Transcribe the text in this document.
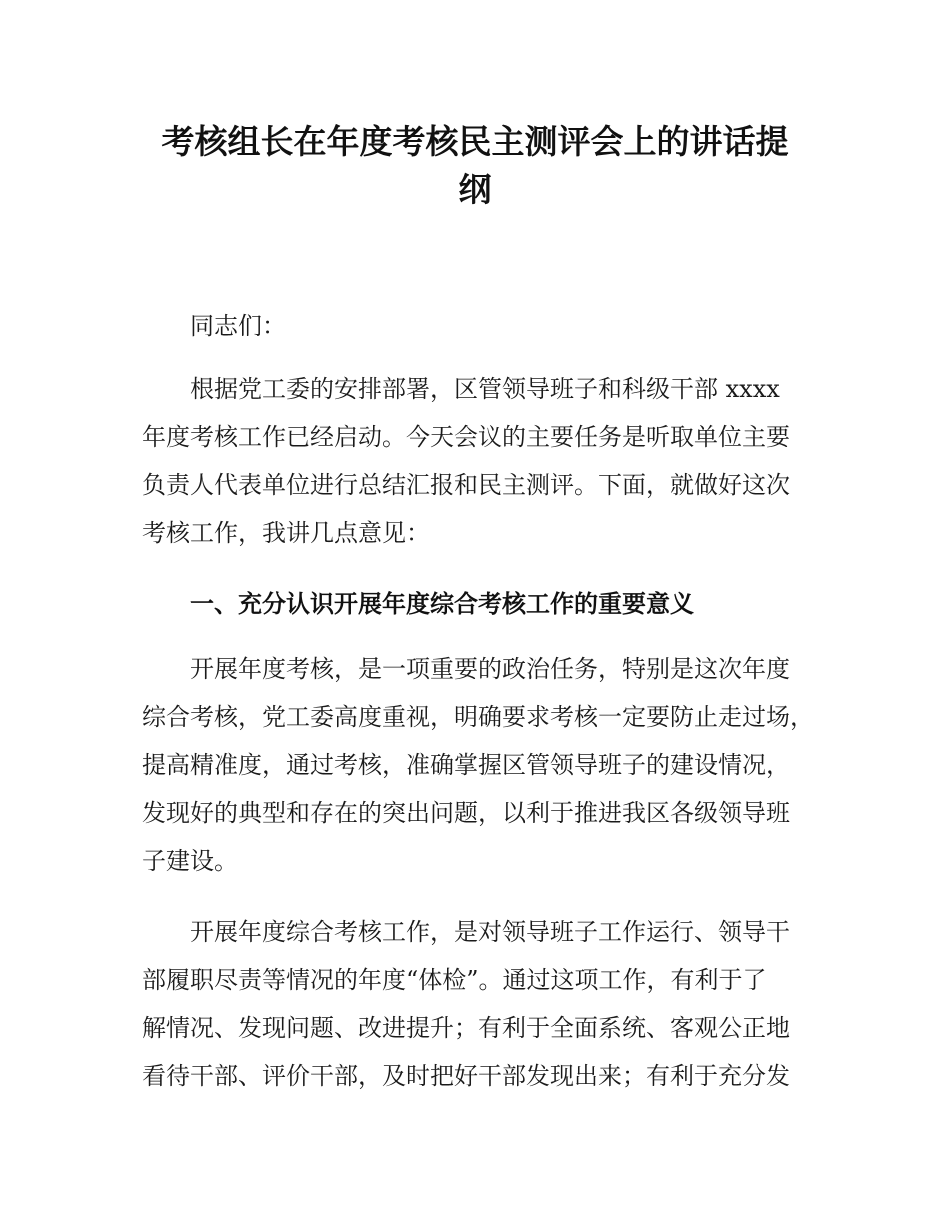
考核组长在年度考核民主测评会上的讲话提
纲

同志们：

根据党工委的安排部署，区管领导班子和科级干部 xxxx
年度考核工作已经启动。今天会议的主要任务是听取单位主要
负责人代表单位进行总结汇报和民主测评。下面，就做好这次
考核工作，我讲几点意见：
一、充分认识开展年度综合考核工作的重要意义
开展年度考核，是一项重要的政治任务，特别是这次年度
综合考核，党工委高度重视，明确要求考核一定要防止走过场，
提高精准度，通过考核，准确掌握区管领导班子的建设情况，
发现好的典型和存在的突出问题，以利于推进我区各级领导班
子建设。
开展年度综合考核工作，是对领导班子工作运行、领导干
部履职尽责等情况的年度“体检”。通过这项工作，有利于了
解情况、发现问题、改进提升；有利于全面系统、客观公正地
看待干部、评价干部，及时把好干部发现出来；有利于充分发
